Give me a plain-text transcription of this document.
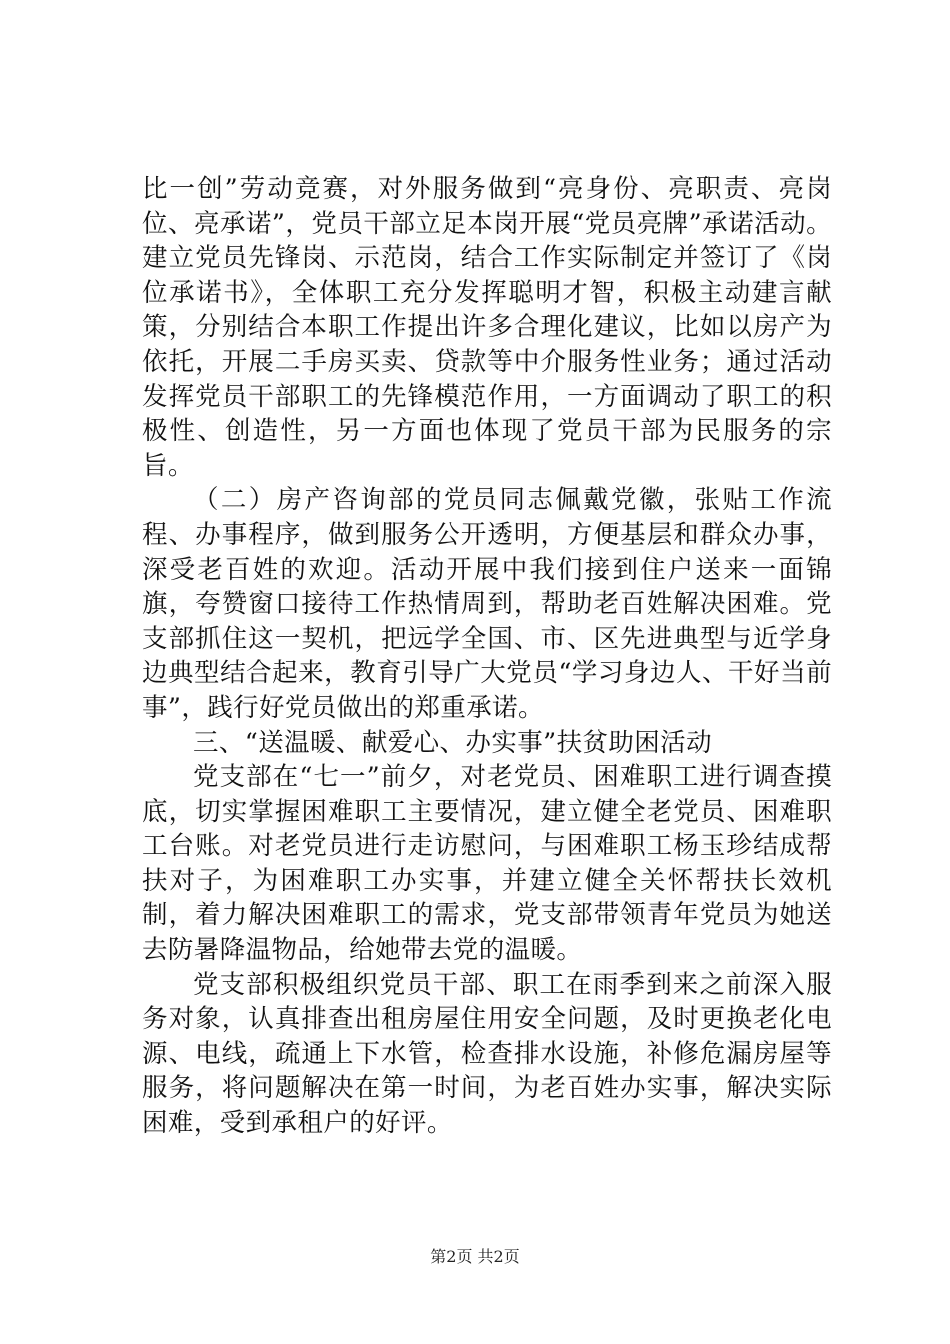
比一创”劳动竞赛，对外服务做到“亮身份、亮职责、亮岗位、亮承诺”，党员干部立足本岗开展“党员亮牌”承诺活动。建立党员先锋岗、示范岗，结合工作实际制定并签订了《岗位承诺书》，全体职工充分发挥聪明才智，积极主动建言献策，分别结合本职工作提出许多合理化建议，比如以房产为依托，开展二手房买卖、贷款等中介服务性业务；通过活动发挥党员干部职工的先锋模范作用，一方面调动了职工的积极性、创造性，另一方面也体现了党员干部为民服务的宗旨。

（二）房产咨询部的党员同志佩戴党徽，张贴工作流程、办事程序，做到服务公开透明，方便基层和群众办事，深受老百姓的欢迎。活动开展中我们接到住户送来一面锦旗，夸赞窗口接待工作热情周到，帮助老百姓解决困难。党支部抓住这一契机，把远学全国、市、区先进典型与近学身边典型结合起来，教育引导广大党员“学习身边人、干好当前事”，践行好党员做出的郑重承诺。

三、“送温暖、献爱心、办实事”扶贫助困活动

党支部在“七一”前夕，对老党员、困难职工进行调查摸底，切实掌握困难职工主要情况，建立健全老党员、困难职工台账。对老党员进行走访慰问，与困难职工杨玉珍结成帮扶对子，为困难职工办实事，并建立健全关怀帮扶长效机制，着力解决困难职工的需求，党支部带领青年党员为她送去防暑降温物品，给她带去党的温暖。

党支部积极组织党员干部、职工在雨季到来之前深入服务对象，认真排查出租房屋住用安全问题，及时更换老化电源、电线，疏通上下水管，检查排水设施，补修危漏房屋等服务，将问题解决在第一时间，为老百姓办实事，解决实际困难，受到承租户的好评。

第2页 共2页
